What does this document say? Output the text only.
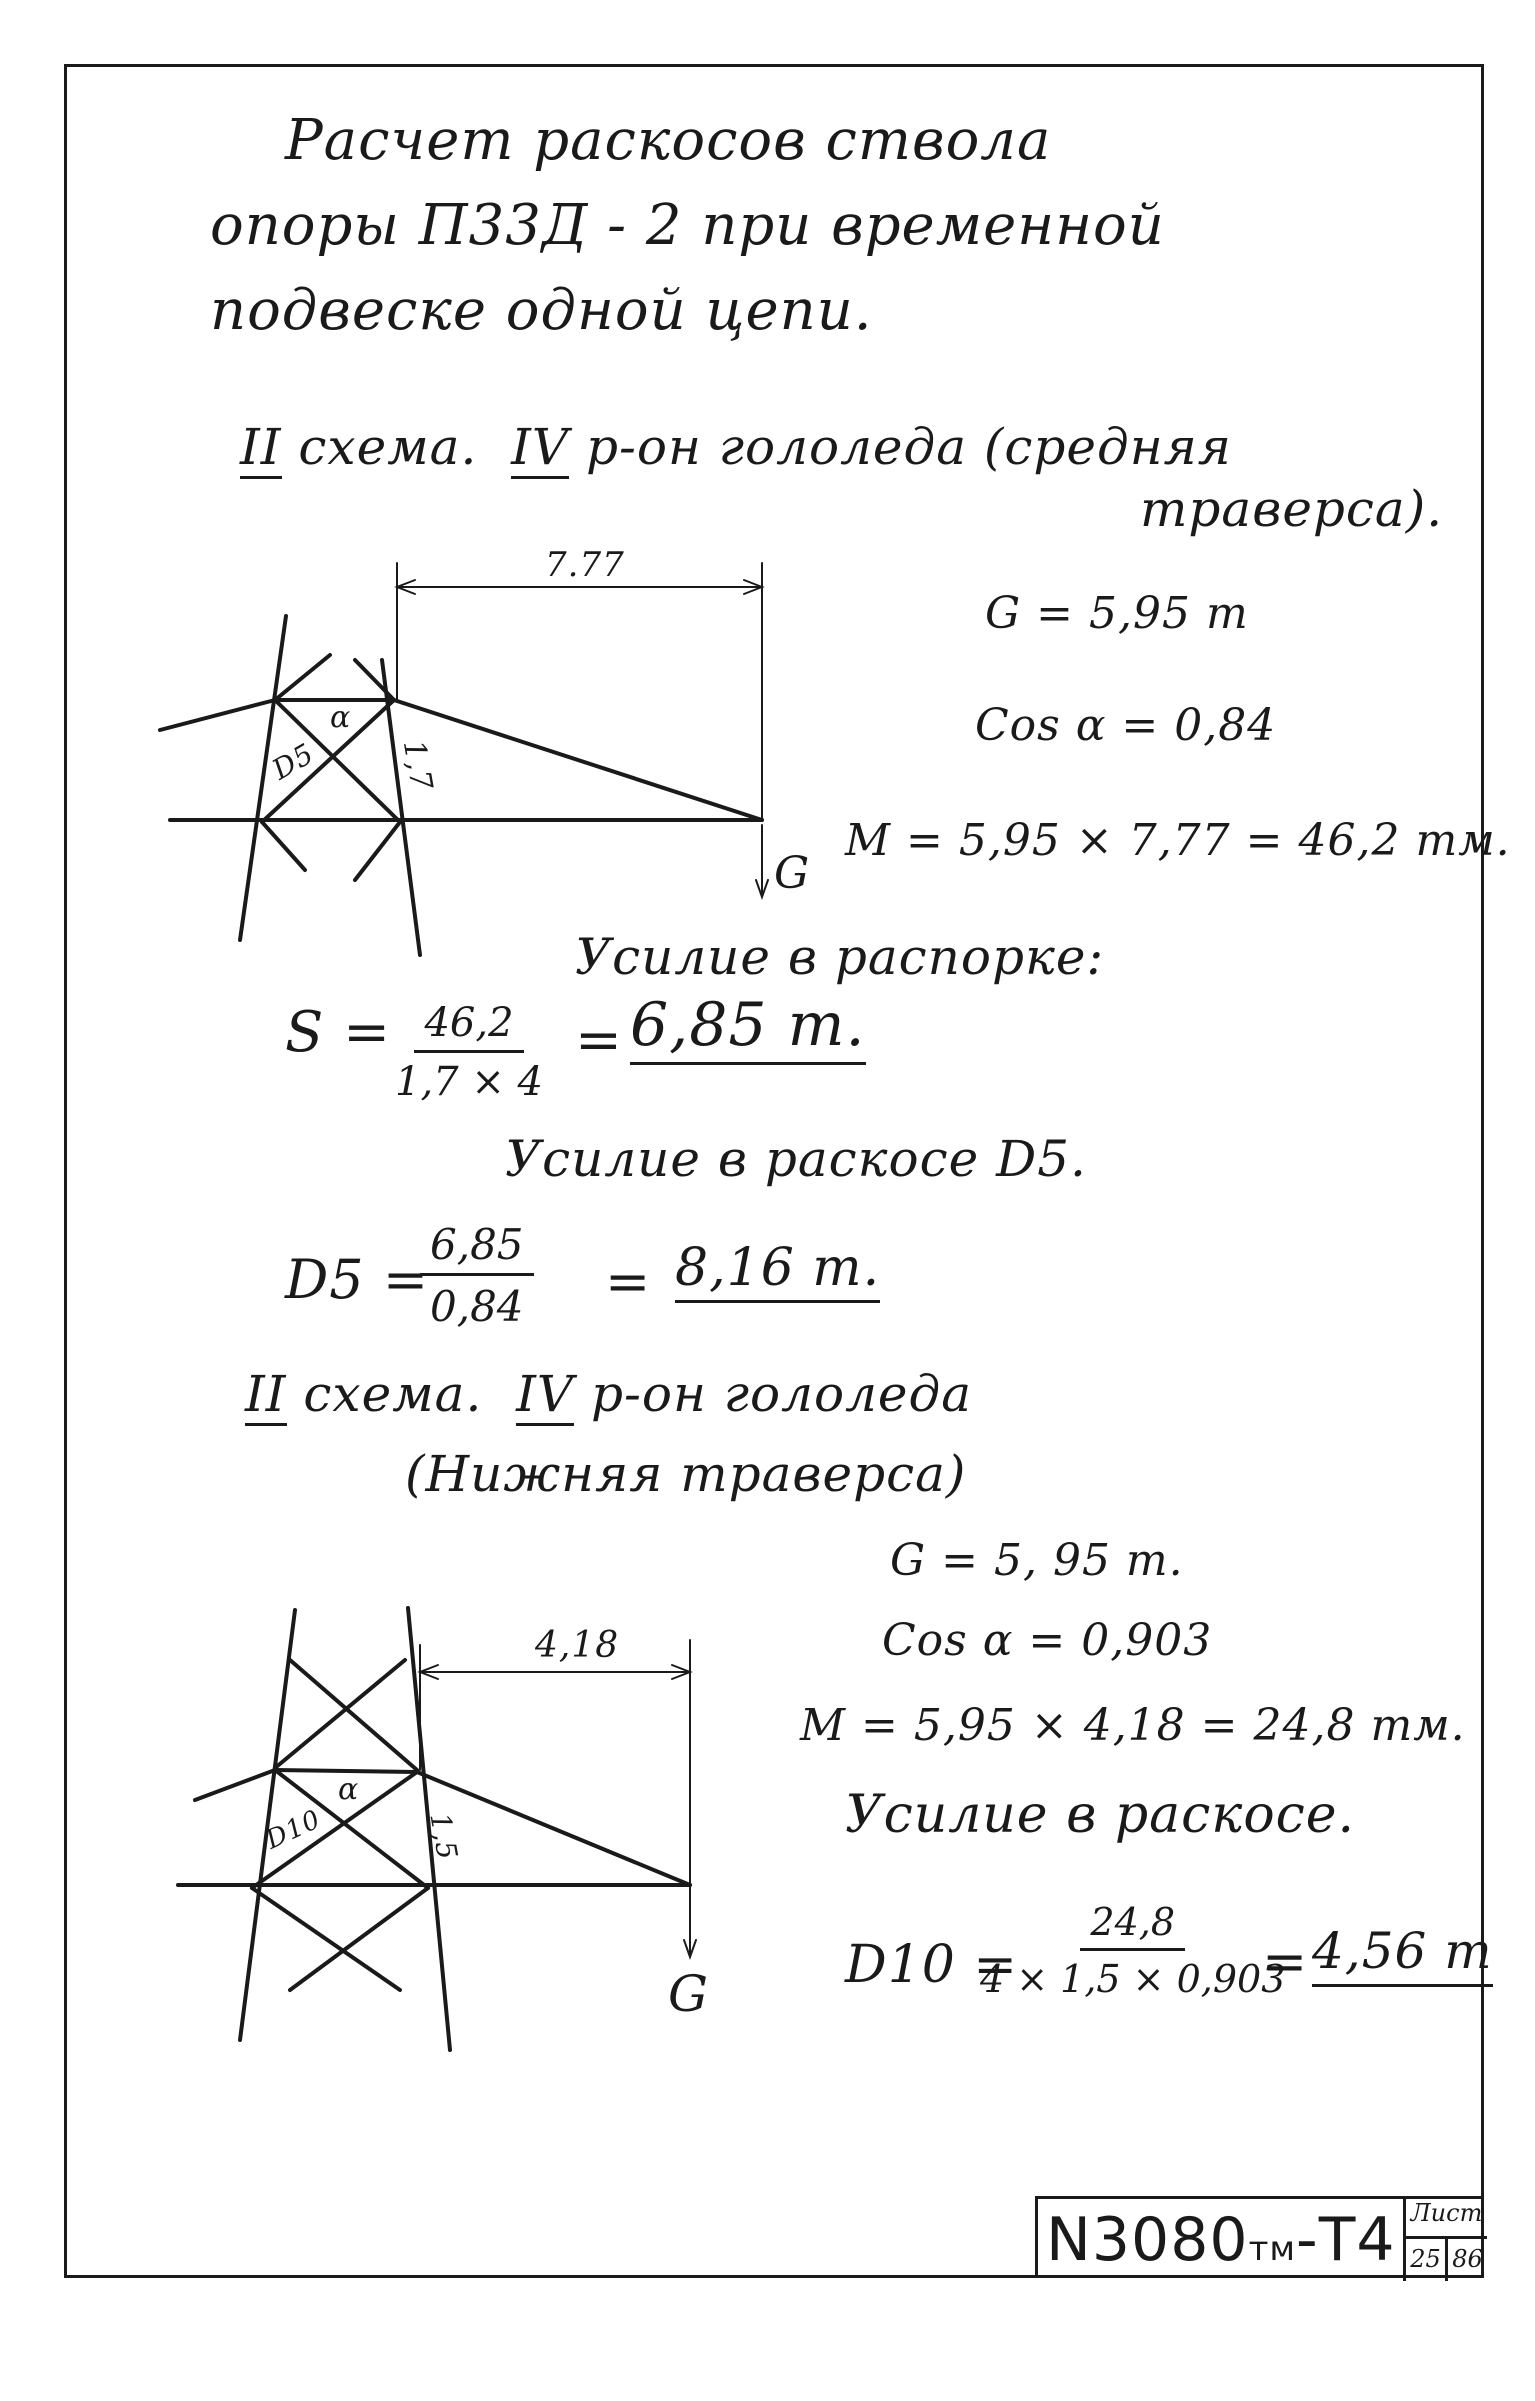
Расчет раскосов ствола
опоры П33Д - 2 при временной
подвеске одной цепи.
II схема. IV р-он гололеда (средняя
траверса).
7.77
α
D5	1,7
G
G = 5,95 т
Cos α = 0,84
M = 5,95 × 7,77 = 46,2 тм.
Усилие в распорке:
$S = \frac{46,2}{1,7 \times 4} = 6,85$ т.
Усилие в раскосе D5.
D5 =
$\frac{6,85}{0,84} = 8,16$ т.
II схема. IV р-он гололеда
(Нижняя траверса)
G = 5, 95 т.
Cos α = 0,903
M = 5,95 × 4,18 = 24,8 тм.
4,18
α
D10	1,5
G
Усилие в раскосе.
D10 =
$\frac{24,8}{4 \times 1,5 \times 0,903}$
= 4,56 т
N3080тм-Т4 Лист
25 86
